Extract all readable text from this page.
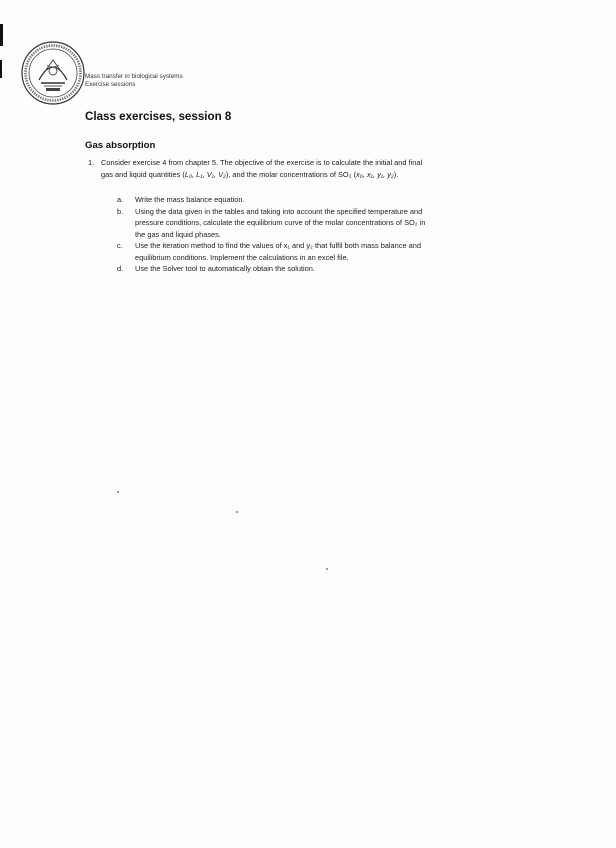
Mass transfer in biological systems
Exercise sessions
Class exercises, session 8
Gas absorption
1. Consider exercise 4 from chapter 5. The objective of the exercise is to calculate the initial and final
gas and liquid quantities (L₀, L₁, V₁, V₂), and the molar concentrations of SO₂ (x₀, x₁, y₁, y₂).
a. Write the mass balance equation.
b. Using the data given in the tables and taking into account the specified temperature and
pressure conditions, calculate the equilibrium curve of the molar concentrations of SO₂ in
the gas and liquid phases.
c. Use the iteration method to find the values of x₁ and y₂ that fulfil both mass balance and
equilibrium conditions. Implement the calculations in an excel file.
d. Use the Solver tool to automatically obtain the solution.
